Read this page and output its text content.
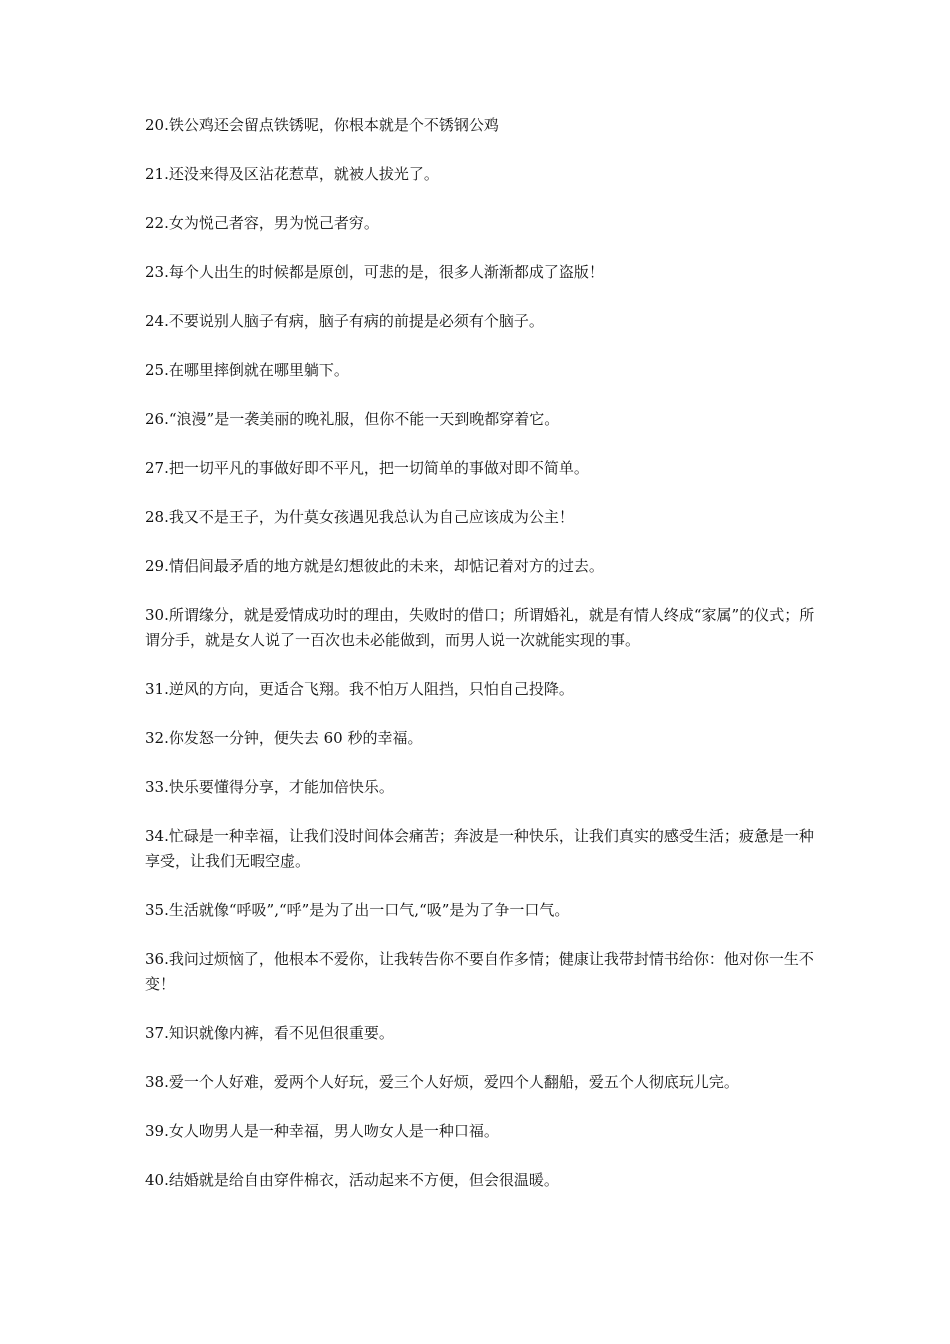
20.铁公鸡还会留点铁锈呢，你根本就是个不锈钢公鸡

21.还没来得及区沾花惹草，就被人拔光了。

22.女为悦己者容，男为悦己者穷。

23.每个人出生的时候都是原创，可悲的是，很多人渐渐都成了盗版！

24.不要说别人脑子有病，脑子有病的前提是必须有个脑子。

25.在哪里摔倒就在哪里躺下。

26.“浪漫”是一袭美丽的晚礼服，但你不能一天到晚都穿着它。

27.把一切平凡的事做好即不平凡，把一切简单的事做对即不简单。

28.我又不是王子，为什莫女孩遇见我总认为自己应该成为公主！

29.情侣间最矛盾的地方就是幻想彼此的未来，却惦记着对方的过去。

30.所谓缘分，就是爱情成功时的理由，失败时的借口；所谓婚礼，就是有情人终成“家属”的仪式；所谓分手，就是女人说了一百次也未必能做到，而男人说一次就能实现的事。

31.逆风的方向，更适合飞翔。我不怕万人阻挡，只怕自己投降。

32.你发怒一分钟，便失去 60 秒的幸福。

33.快乐要懂得分享，才能加倍快乐。

34.忙碌是一种幸福，让我们没时间体会痛苦；奔波是一种快乐，让我们真实的感受生活；疲惫是一种享受，让我们无暇空虚。

35.生活就像“呼吸”,“呼”是为了出一口气,“吸”是为了争一口气。

36.我问过烦恼了，他根本不爱你，让我转告你不要自作多情；健康让我带封情书给你：他对你一生不变！

37.知识就像内裤，看不见但很重要。

38.爱一个人好难，爱两个人好玩，爱三个人好烦，爱四个人翻船，爱五个人彻底玩儿完。

39.女人吻男人是一种幸福，男人吻女人是一种口福。

40.结婚就是给自由穿件棉衣，活动起来不方便，但会很温暖。
